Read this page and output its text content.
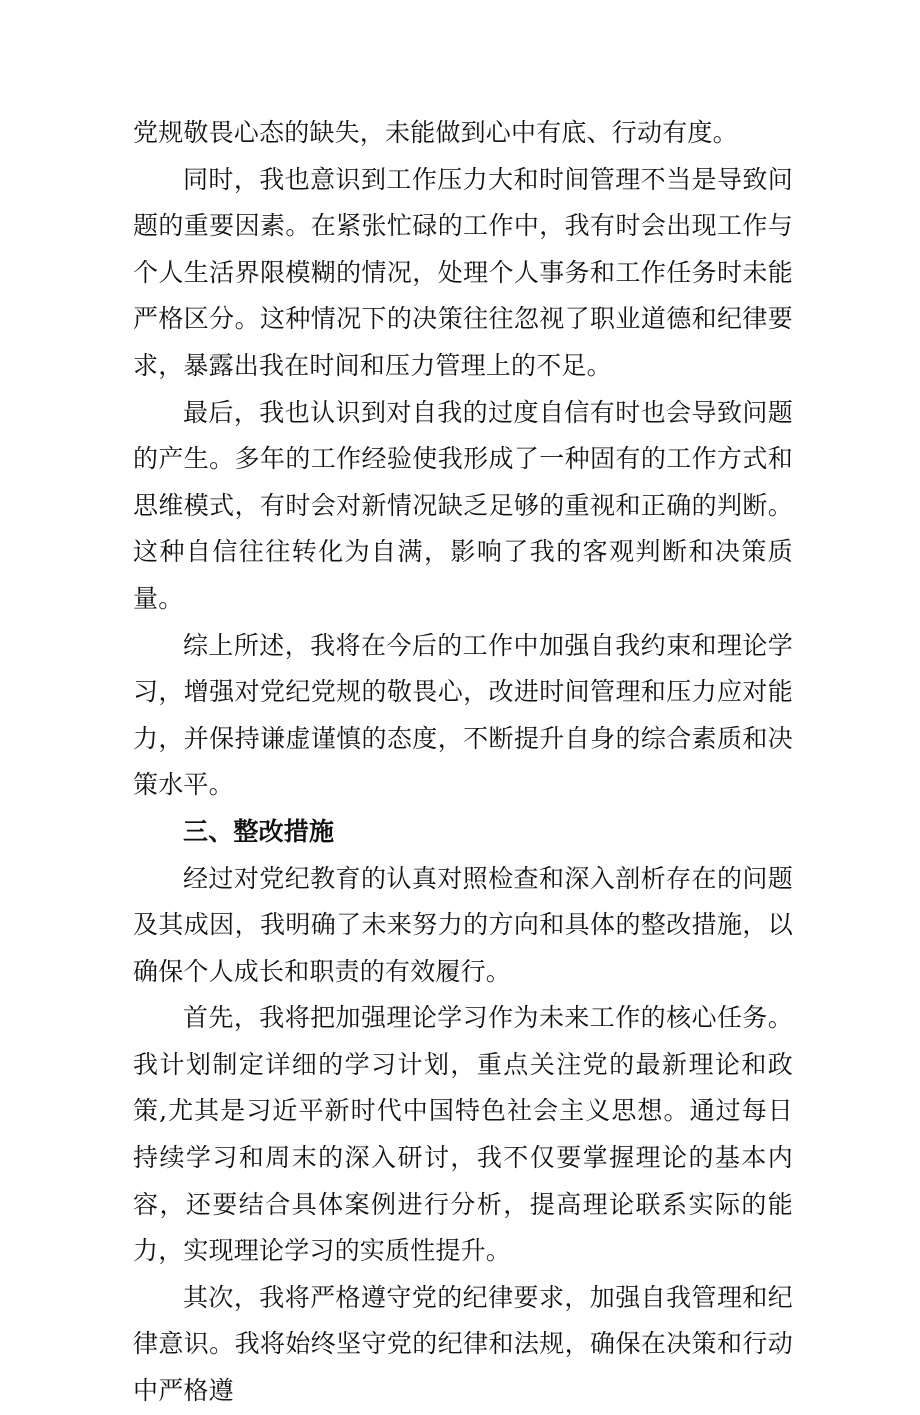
党规敬畏心态的缺失，未能做到心中有底、行动有度。

同时，我也意识到工作压力大和时间管理不当是导致问题的重要因素。在紧张忙碌的工作中，我有时会出现工作与个人生活界限模糊的情况，处理个人事务和工作任务时未能严格区分。这种情况下的决策往往忽视了职业道德和纪律要求，暴露出我在时间和压力管理上的不足。

最后，我也认识到对自我的过度自信有时也会导致问题的产生。多年的工作经验使我形成了一种固有的工作方式和思维模式，有时会对新情况缺乏足够的重视和正确的判断。这种自信往往转化为自满，影响了我的客观判断和决策质量。

综上所述，我将在今后的工作中加强自我约束和理论学习，增强对党纪党规的敬畏心，改进时间管理和压力应对能力，并保持谦虚谨慎的态度，不断提升自身的综合素质和决策水平。

三、整改措施

经过对党纪教育的认真对照检查和深入剖析存在的问题及其成因，我明确了未来努力的方向和具体的整改措施，以确保个人成长和职责的有效履行。

首先，我将把加强理论学习作为未来工作的核心任务。我计划制定详细的学习计划，重点关注党的最新理论和政策,尤其是习近平新时代中国特色社会主义思想。通过每日持续学习和周末的深入研讨，我不仅要掌握理论的基本内容，还要结合具体案例进行分析，提高理论联系实际的能力，实现理论学习的实质性提升。

其次，我将严格遵守党的纪律要求，加强自我管理和纪律意识。我将始终坚守党的纪律和法规，确保在决策和行动中严格遵
